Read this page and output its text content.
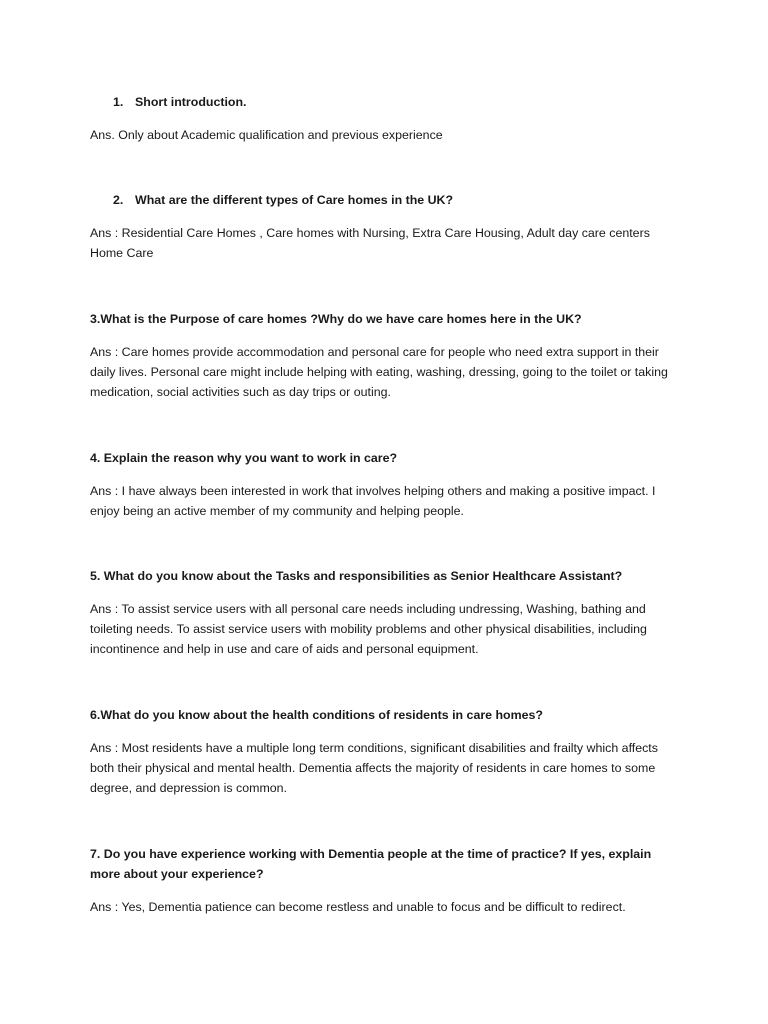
1. Short introduction.

Ans. Only about Academic qualification and previous experience

2. What are the different types of Care homes in the UK?

Ans : Residential Care Homes , Care homes with Nursing, Extra Care Housing, Adult day care centers Home Care

3.What is the Purpose of care homes ?Why do we have care homes here in the UK?

Ans : Care homes provide accommodation and personal care for people who need extra support in their daily lives. Personal care might include helping with eating, washing, dressing, going to the toilet or taking medication, social activities such as day trips or outing.

4. Explain the reason why you want to work in care?

Ans : I have always been interested in work that involves helping others and making a positive impact. I enjoy being an active member of my community and helping people.

5. What do you know about the Tasks and responsibilities as Senior Healthcare Assistant?

Ans : To assist service users with all personal care needs including undressing, Washing, bathing and toileting needs. To assist service users with mobility problems and other physical disabilities, including incontinence and help in use and care of aids and personal equipment.

6.What do you know about the health conditions of residents in care homes?

Ans : Most residents have a multiple long term conditions, significant disabilities and frailty which affects both their physical and mental health. Dementia affects the majority of residents in care homes to some degree, and depression is common.

7. Do you have experience working with Dementia people at the time of practice? If yes, explain more about your experience?

Ans : Yes, Dementia patience can become restless and unable to focus and be difficult to redirect.
